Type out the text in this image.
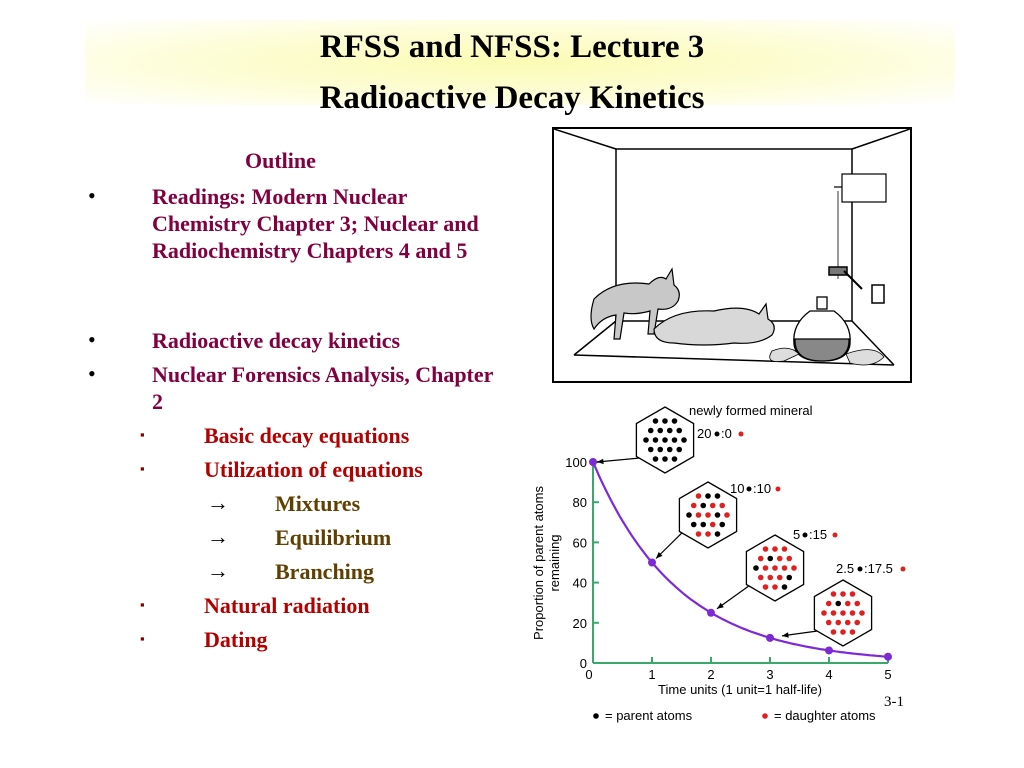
RFSS and NFSS: Lecture 3
Radioactive Decay Kinetics
Outline
•	Readings: Modern Nuclear Chemistry Chapter 3; Nuclear and Radiochemistry Chapters 4 and 5
•	Radioactive decay kinetics
•	Nuclear Forensics Analysis, Chapter 2
▪	Basic decay equations
▪	Utilization of equations
→ Mixtures
→ Equilibrium
→ Branching
▪	Natural radiation
▪	Dating
0	1	2	3	4	5
0
20
40
60
80
100
Proportion of parent atoms remaining
Time units (1 unit=1 half-life)
newly formed mineral
20 :0
10 :10
5 :15
2.5 :17.5
= parent atoms	= daughter atoms
3-1
